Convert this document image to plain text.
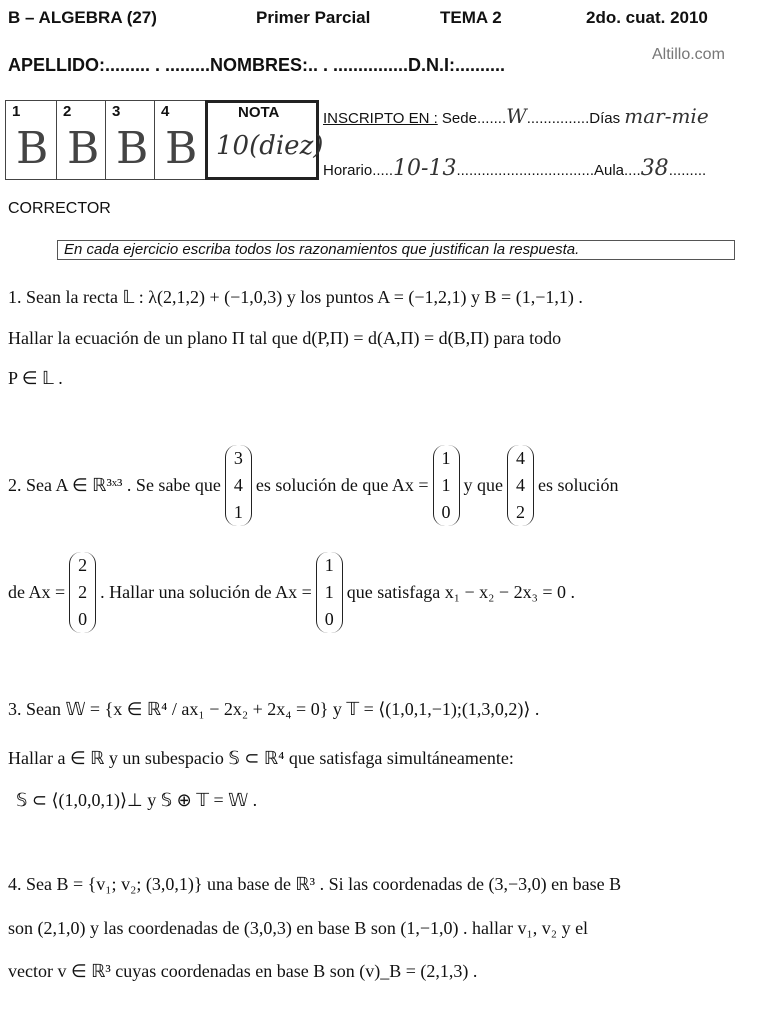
B – ALGEBRA (27)	Primer Parcial	TEMA 2	2do. cuat. 2010
APELLIDO:......... . .........NOMBRES:.. . ...............D.N.I:..........
Altillo.com
1
B
2
B
3
B
4
B
NOTA
10(diez)
INSCRIPTO EN : Sede.......W...............Días mar-mie
Horario.....10-13.................................Aula....38.........
CORRECTOR
En cada ejercicio escriba todos los razonamientos que justifican la respuesta.
1. Sean la recta 𝕃 : λ(2,1,2) + (−1,0,3) y los puntos A = (−1,2,1) y B = (1,−1,1) .
Hallar la ecuación de un plano Π tal que d(P,Π) = d(A,Π) = d(B,Π) para todo
P ∈ 𝕃 .
2. Sea A ∈ ℝ³ˣ³ . Se sabe que
3
4
1
es solución de que Ax =
1
1
0
y que
4
4
2
es solución
de Ax =
2
2
0
. Hallar una solución de Ax =
1
1
0
que satisfaga x₁ − x₂ − 2x₃ = 0 .
3. Sean 𝕎 = {x ∈ ℝ⁴ / ax₁ − 2x₂ + 2x₄ = 0} y 𝕋 = ⟨(1,0,1,−1);(1,3,0,2)⟩ .
Hallar a ∈ ℝ y un subespacio 𝕊 ⊂ ℝ⁴ que satisfaga simultáneamente:
𝕊 ⊂ ⟨(1,0,0,1)⟩⊥ y 𝕊 ⊕ 𝕋 = 𝕎 .
4. Sea B = {v₁; v₂; (3,0,1)} una base de ℝ³ . Si las coordenadas de (3,−3,0) en base B
son (2,1,0) y las coordenadas de (3,0,3) en base B son (1,−1,0) . hallar v₁, v₂ y el
vector v ∈ ℝ³ cuyas coordenadas en base B son (v)_B = (2,1,3) .
